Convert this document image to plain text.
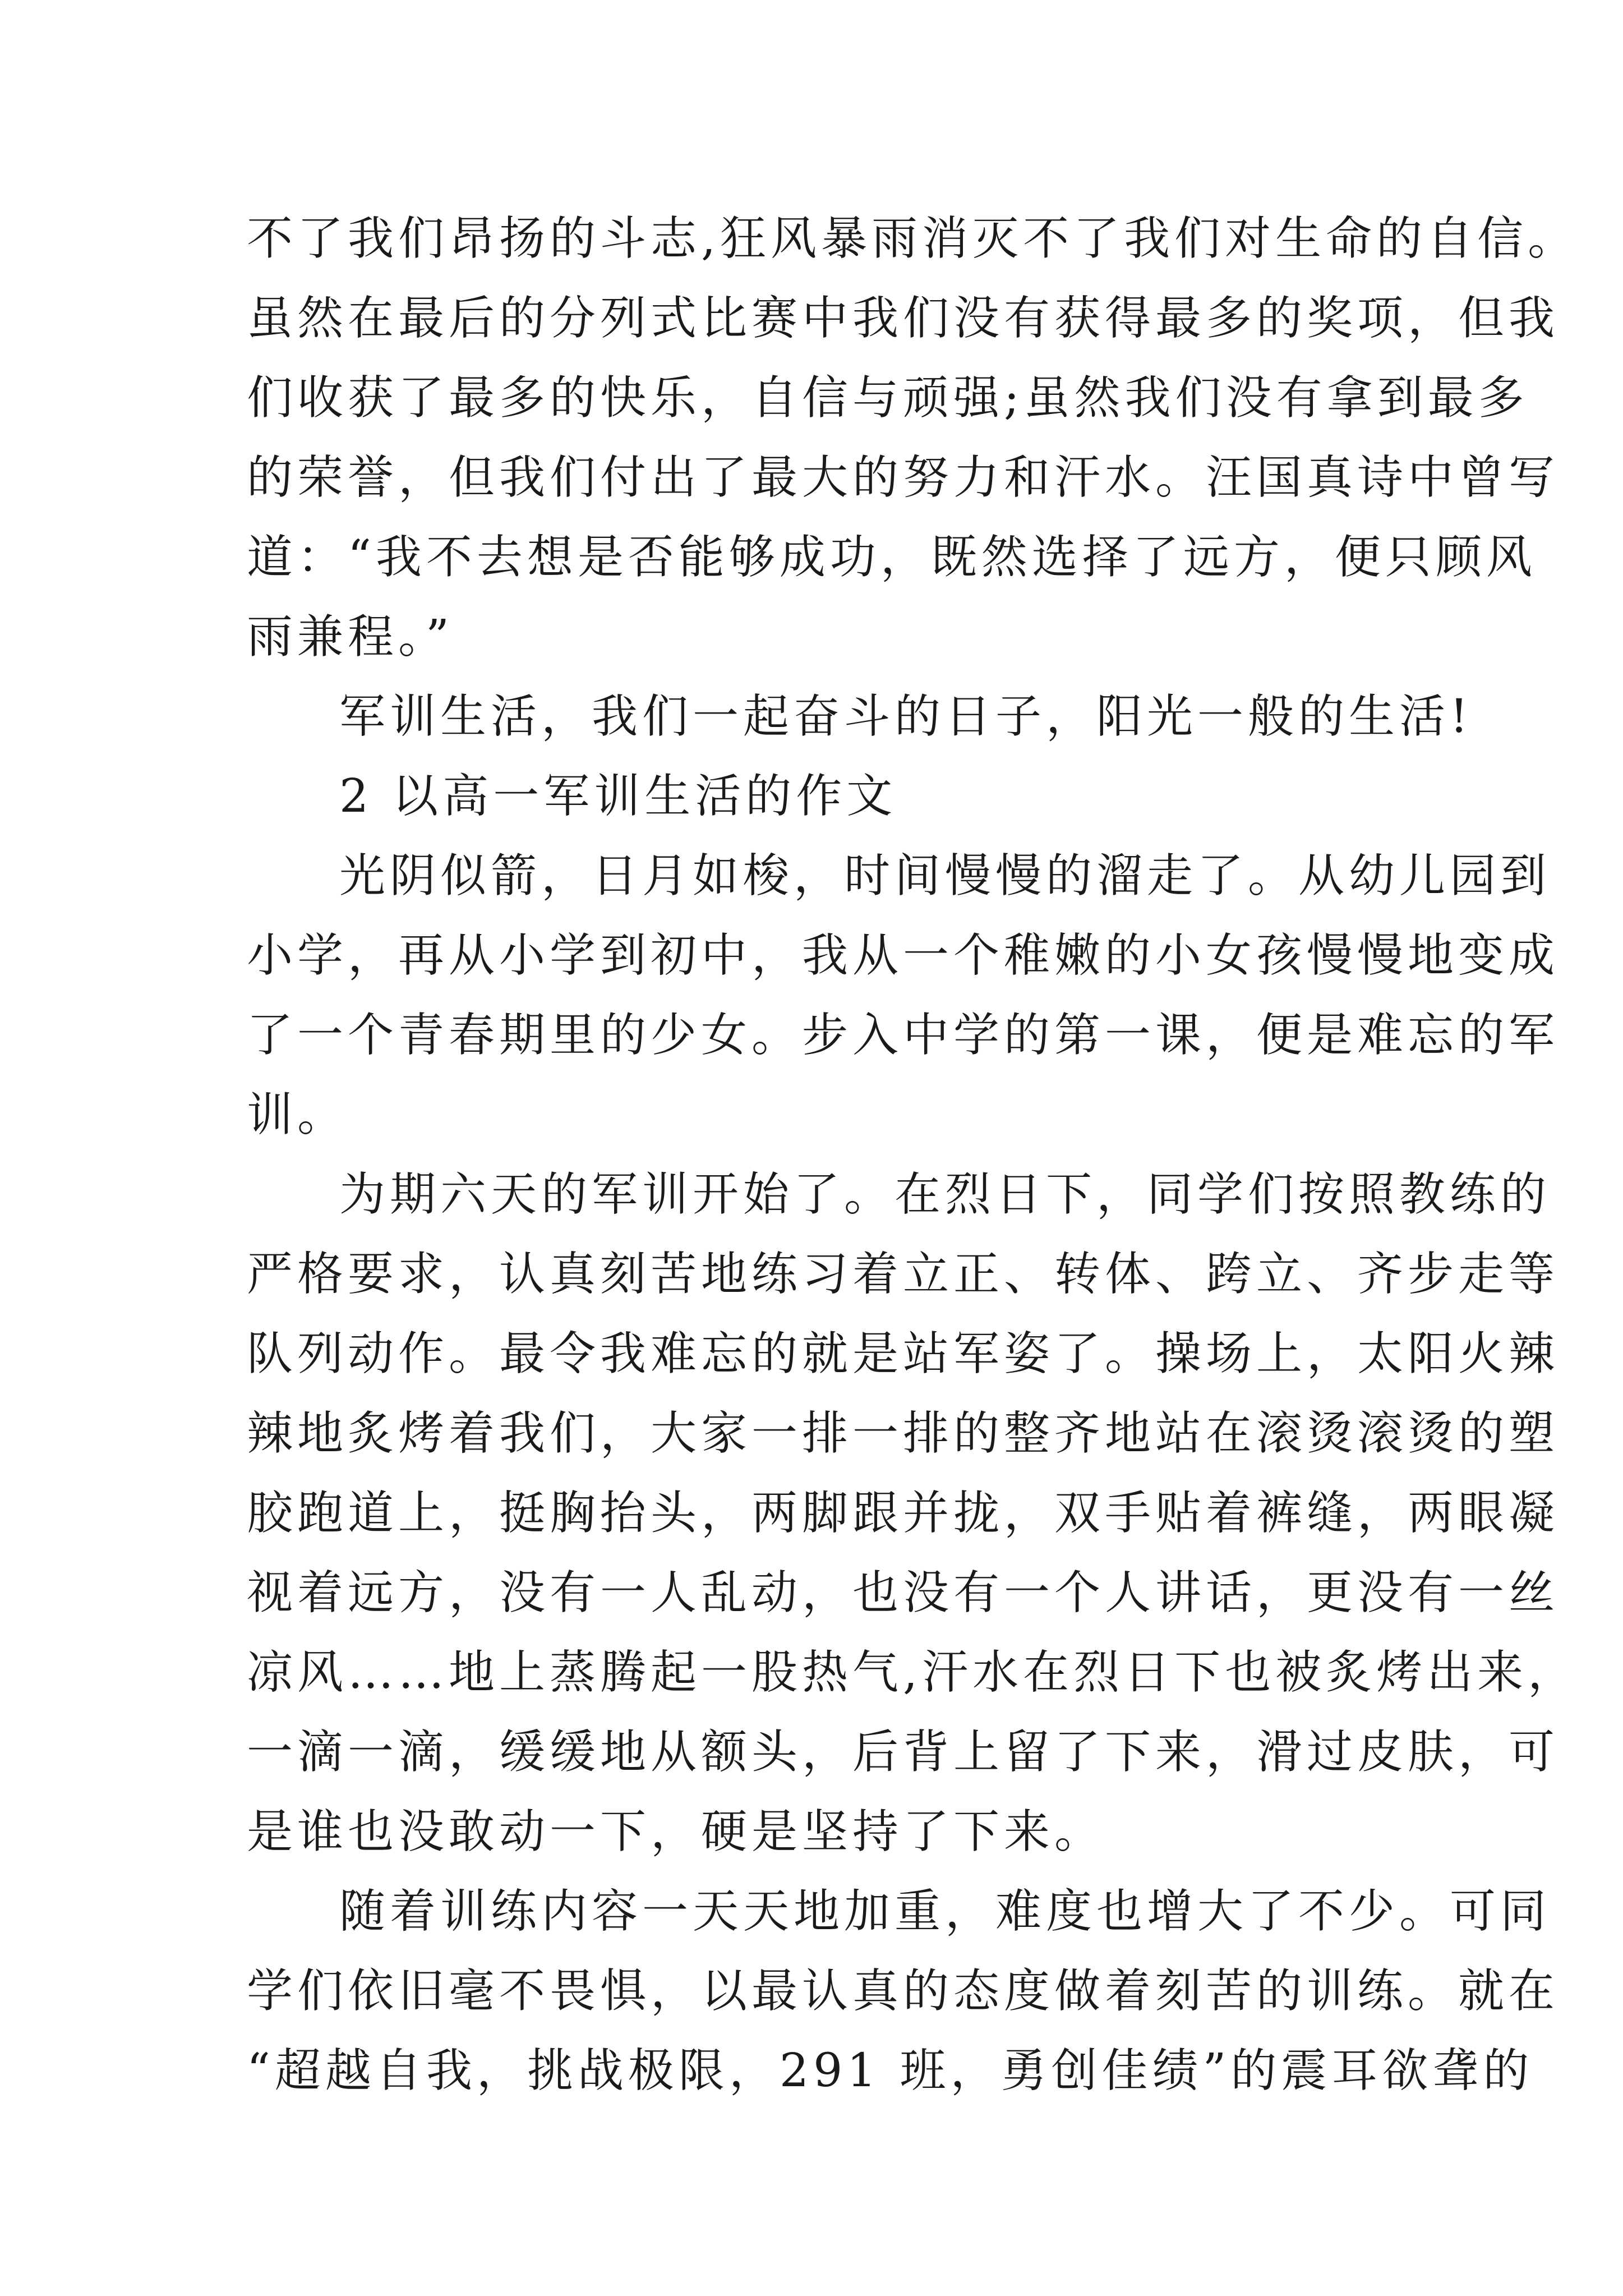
不了我们昂扬的斗志,狂风暴雨消灭不了我们对生命的自信。
虽然在最后的分列式比赛中我们没有获得最多的奖项，但我
们收获了最多的快乐，自信与顽强;虽然我们没有拿到最多
的荣誉，但我们付出了最大的努力和汗水。汪国真诗中曾写
道：“我不去想是否能够成功，既然选择了远方，便只顾风
雨兼程。”
军训生活，我们一起奋斗的日子，阳光一般的生活!
2 以高一军训生活的作文
光阴似箭，日月如梭，时间慢慢的溜走了。从幼儿园到
小学，再从小学到初中，我从一个稚嫩的小女孩慢慢地变成
了一个青春期里的少女。步入中学的第一课，便是难忘的军
训。
为期六天的军训开始了。在烈日下，同学们按照教练的
严格要求，认真刻苦地练习着立正、转体、跨立、齐步走等
队列动作。最令我难忘的就是站军姿了。操场上，太阳火辣
辣地炙烤着我们，大家一排一排的整齐地站在滚烫滚烫的塑
胶跑道上，挺胸抬头，两脚跟并拢，双手贴着裤缝，两眼凝
视着远方，没有一人乱动，也没有一个人讲话，更没有一丝
凉风……地上蒸腾起一股热气,汗水在烈日下也被炙烤出来，
一滴一滴，缓缓地从额头，后背上留了下来，滑过皮肤，可
是谁也没敢动一下，硬是坚持了下来。
随着训练内容一天天地加重，难度也增大了不少。可同
学们依旧毫不畏惧，以最认真的态度做着刻苦的训练。就在
“超越自我，挑战极限，291 班，勇创佳绩”的震耳欲聋的
